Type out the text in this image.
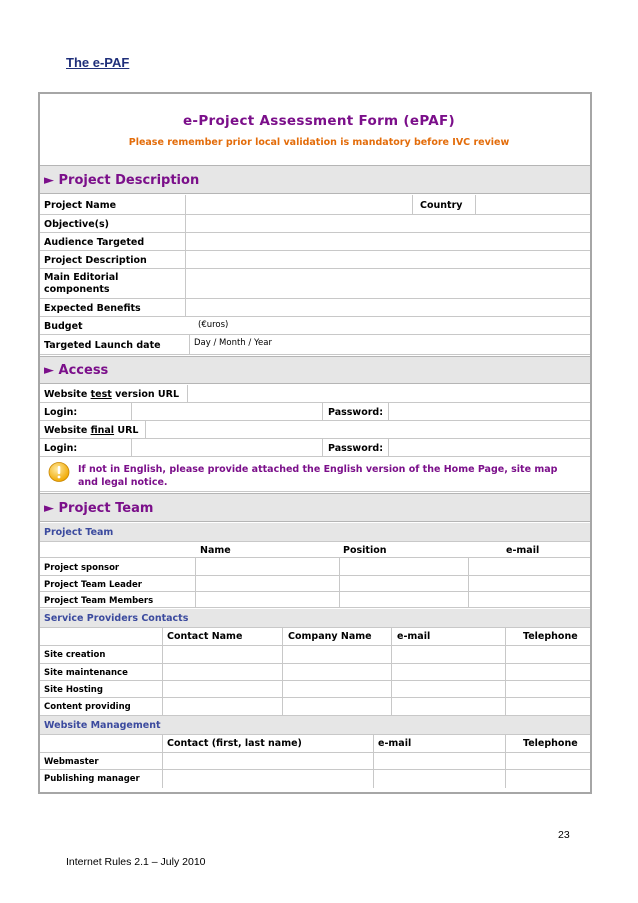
The e-PAF
e-Project Assessment Form (ePAF)
Please remember prior local validation is mandatory before IVC review
► Project Description
Project Name	Country
Objective(s)
Audience Targeted
Project Description
Main Editorial
components
Expected Benefits
Budget	(€uros)
Targeted Launch date	Day / Month / Year
► Access
Website test version URL
Login:	Password:
Website final URL
Login:	Password:
If not in English, please provide attached the English version of the Home Page, site map
and legal notice.
► Project Team
Project Team
Name	Position	e-mail
Project sponsor
Project Team Leader
Project Team Members
Service Providers Contacts
Contact Name	Company Name	e-mail	Telephone
Site creation
Site maintenance
Site Hosting
Content providing
Website Management
Contact (first, last name)	e-mail	Telephone
Webmaster
Publishing manager
23
Internet Rules 2.1 – July 2010
